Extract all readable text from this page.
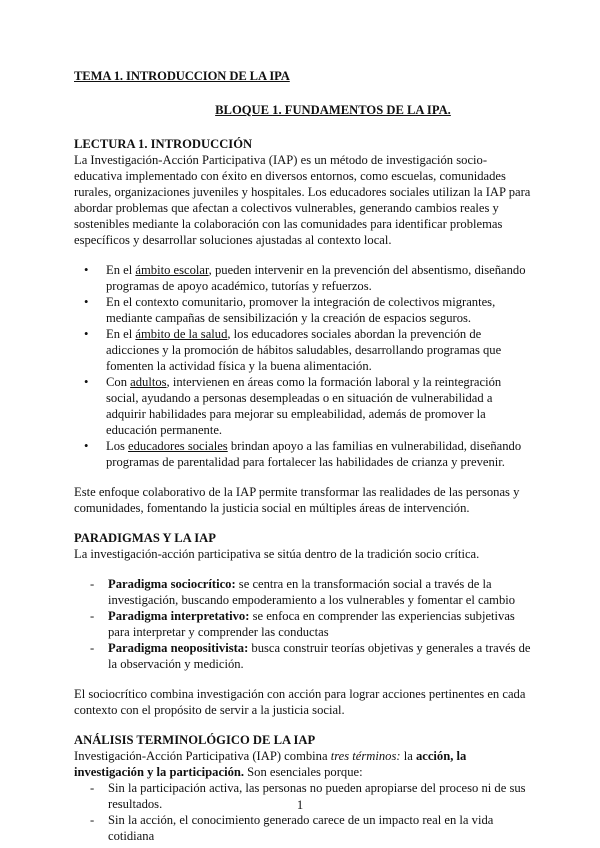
TEMA 1. INTRODUCCION DE LA IPA
BLOQUE 1. FUNDAMENTOS DE LA IPA.
LECTURA 1. INTRODUCCIÓN

La Investigación-Acción Participativa (IAP) es un método de investigación socio-educativa implementado con éxito en diversos entornos, como escuelas, comunidades rurales, organizaciones juveniles y hospitales. Los educadores sociales utilizan la IAP para abordar problemas que afectan a colectivos vulnerables, generando cambios reales y sostenibles mediante la colaboración con las comunidades para identificar problemas específicos y desarrollar soluciones ajustadas al contexto local.

• En el ámbito escolar, pueden intervenir en la prevención del absentismo, diseñando programas de apoyo académico, tutorías y refuerzos.
• En el contexto comunitario, promover la integración de colectivos migrantes, mediante campañas de sensibilización y la creación de espacios seguros.
• En el ámbito de la salud, los educadores sociales abordan la prevención de adicciones y la promoción de hábitos saludables, desarrollando programas que fomenten la actividad física y la buena alimentación.
• Con adultos, intervienen en áreas como la formación laboral y la reintegración social, ayudando a personas desempleadas o en situación de vulnerabilidad a adquirir habilidades para mejorar su empleabilidad, además de promover la educación permanente.
• Los educadores sociales brindan apoyo a las familias en vulnerabilidad, diseñando programas de parentalidad para fortalecer las habilidades de crianza y prevenir.

Este enfoque colaborativo de la IAP permite transformar las realidades de las personas y comunidades, fomentando la justicia social en múltiples áreas de intervención.

PARADIGMAS Y LA IAP

La investigación-acción participativa se sitúa dentro de la tradición socio crítica.

- Paradigma sociocrítico: se centra en la transformación social a través de la investigación, buscando empoderamiento a los vulnerables y fomentar el cambio
- Paradigma interpretativo: se enfoca en comprender las experiencias subjetivas para interpretar y comprender las conductas
- Paradigma neopositivista: busca construir teorías objetivas y generales a través de la observación y medición.

El sociocrítico combina investigación con acción para lograr acciones pertinentes en cada contexto con el propósito de servir a la justicia social.

ANÁLISIS TERMINOLÓGICO DE LA IAP

Investigación-Acción Participativa (IAP) combina tres términos: la acción, la investigación y la participación. Son esenciales porque:

- Sin la participación activa, las personas no pueden apropiarse del proceso ni de sus resultados.
- Sin la acción, el conocimiento generado carece de un impacto real en la vida cotidiana
1
